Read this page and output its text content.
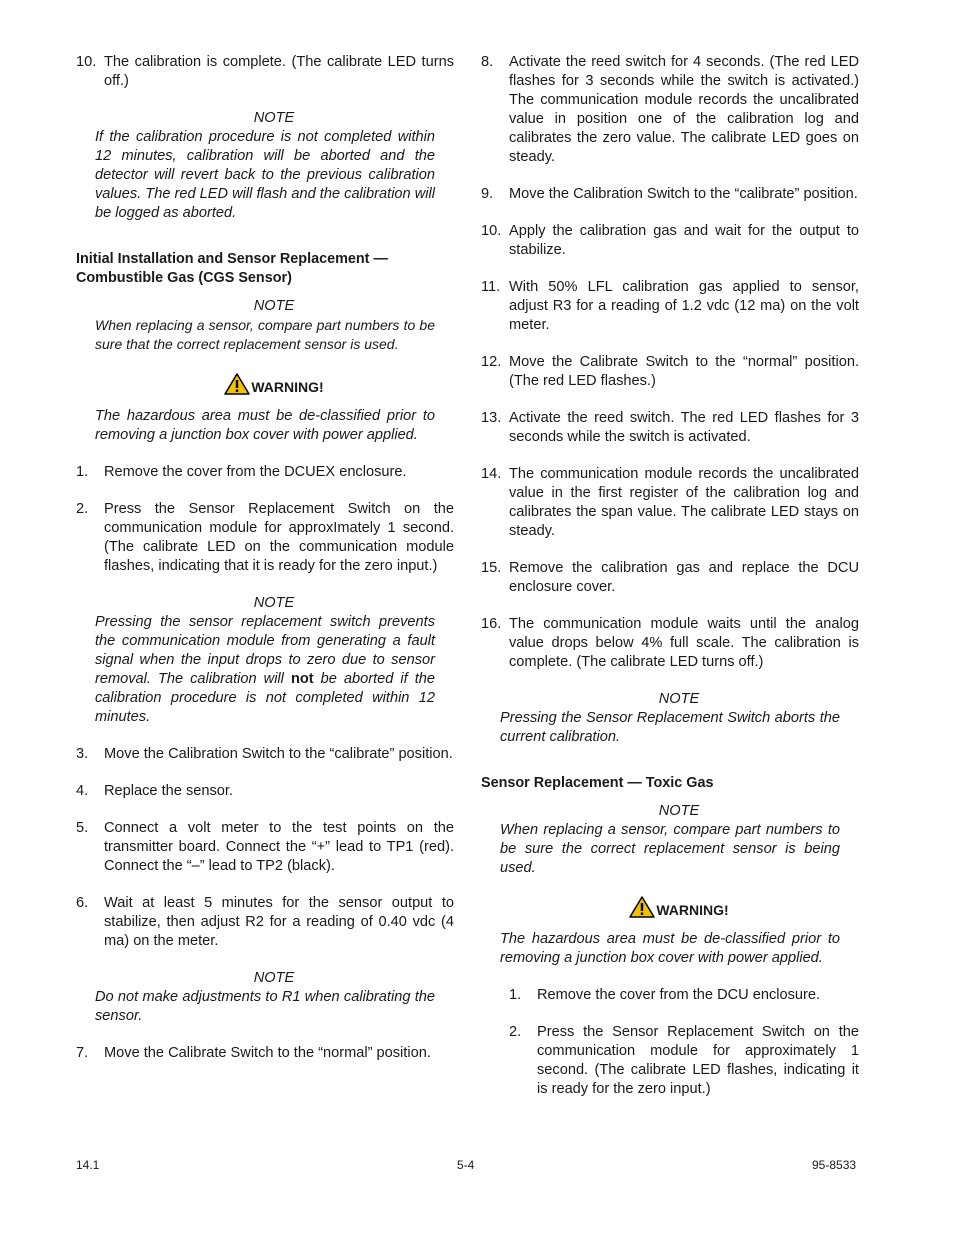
10. The calibration is complete. (The calibrate LED turns off.)
NOTE
If the calibration procedure is not completed within 12 minutes, calibration will be aborted and the detector will revert back to the previous calibration values. The red LED will flash and the calibration will be logged as aborted.
Initial Installation and Sensor Replacement —
Combustible Gas (CGS Sensor)
NOTE
When replacing a sensor, compare part numbers to be sure that the correct replacement sensor is used.
WARNING!
The hazardous area must be de-classified prior to removing a junction box cover with power applied.
1.	Remove the cover from the DCUEX enclosure.
2.	Press the Sensor Replacement Switch on the communication module for approxImately 1 second. (The calibrate LED on the communication module flashes, indicating that it is ready for the zero input.)
NOTE
Pressing the sensor replacement switch prevents the communication module from generating a fault signal when the input drops to zero due to sensor removal. The calibration will not be aborted if the calibration procedure is not completed within 12 minutes.
3.	Move the Calibration Switch to the “calibrate” position.
4.	Replace the sensor.
5.	Connect a volt meter to the test points on the transmitter board. Connect the “+” lead to TP1 (red). Connect the “–” lead to TP2 (black).
6.	Wait at least 5 minutes for the sensor output to stabilize, then adjust R2 for a reading of 0.40 vdc (4 ma) on the meter.
NOTE
Do not make adjustments to R1 when calibrating the sensor.
7.	Move the Calibrate Switch to the “normal” position.
8.	Activate the reed switch for 4 seconds. (The red LED flashes for 3 seconds while the switch is activated.) The communication module records the uncalibrated value in position one of the calibration log and calibrates the zero value. The calibrate LED goes on steady.
9.	Move the Calibration Switch to the “calibrate” position.
10. Apply the calibration gas and wait for the output to stabilize.
11. With 50% LFL calibration gas applied to sensor, adjust R3 for a reading of 1.2 vdc (12 ma) on the volt meter.
12. Move the Calibrate Switch to the “normal” position. (The red LED flashes.)
13. Activate the reed switch. The red LED flashes for 3 seconds while the switch is activated.
14. The communication module records the uncalibrated value in the first register of the calibration log and calibrates the span value. The calibrate LED stays on steady.
15. Remove the calibration gas and replace the DCU enclosure cover.
16. The communication module waits until the analog value drops below 4% full scale. The calibration is complete. (The calibrate LED turns off.)
NOTE
Pressing the Sensor Replacement Switch aborts the current calibration.
Sensor Replacement — Toxic Gas
NOTE
When replacing a sensor, compare part numbers to be sure the correct replacement sensor is being used.
WARNING!
The hazardous area must be de-classified prior to removing a junction box cover with power applied.
1.	Remove the cover from the DCU enclosure.
2.	Press the Sensor Replacement Switch on the communication module for approximately 1 second. (The calibrate LED flashes, indicating it is ready for the zero input.)
14.1	5-4	95-8533
